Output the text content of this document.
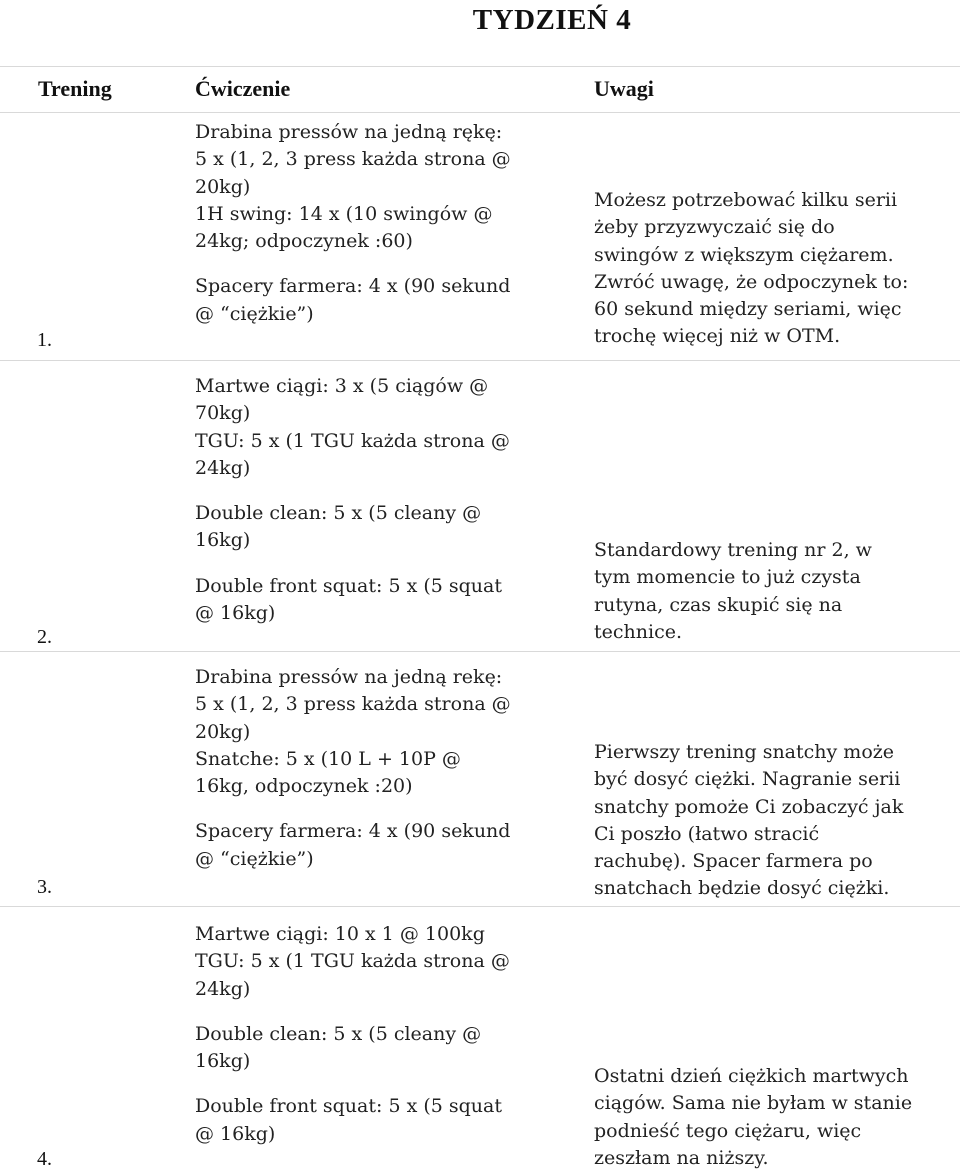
TYDZIEŃ 4
Trening	Ćwiczenie	Uwagi
1.
Drabina pressów na jedną rękę:
5 x (1, 2, 3 press każda strona @
20kg)
1H swing: 14 x (10 swingów @
24kg; odpoczynek :60)
Spacery farmera: 4 x (90 sekund
@ “ciężkie”)
Możesz potrzebować kilku serii
żeby przyzwyczaić się do
swingów z większym ciężarem.
Zwróć uwagę, że odpoczynek to:
60 sekund między seriami, więc
trochę więcej niż w OTM.
2.
Martwe ciągi: 3 x (5 ciągów @
70kg)
TGU: 5 x (1 TGU każda strona @
24kg)
Double clean: 5 x (5 cleany @
16kg)
Double front squat: 5 x (5 squat
@ 16kg)
Standardowy trening nr 2, w
tym momencie to już czysta
rutyna, czas skupić się na
technice.
3.
Drabina pressów na jedną rekę:
5 x (1, 2, 3 press każda strona @
20kg)
Snatche: 5 x (10 L + 10P @
16kg, odpoczynek :20)
Spacery farmera: 4 x (90 sekund
@ “ciężkie”)
Pierwszy trening snatchy może
być dosyć ciężki. Nagranie serii
snatchy pomoże Ci zobaczyć jak
Ci poszło (łatwo stracić
rachubę). Spacer farmera po
snatchach będzie dosyć ciężki.
4.
Martwe ciągi: 10 x 1 @ 100kg
TGU: 5 x (1 TGU każda strona @
24kg)
Double clean: 5 x (5 cleany @
16kg)
Double front squat: 5 x (5 squat
@ 16kg)
Ostatni dzień ciężkich martwych
ciągów. Sama nie byłam w stanie
podnieść tego ciężaru, więc
zeszłam na niższy.
